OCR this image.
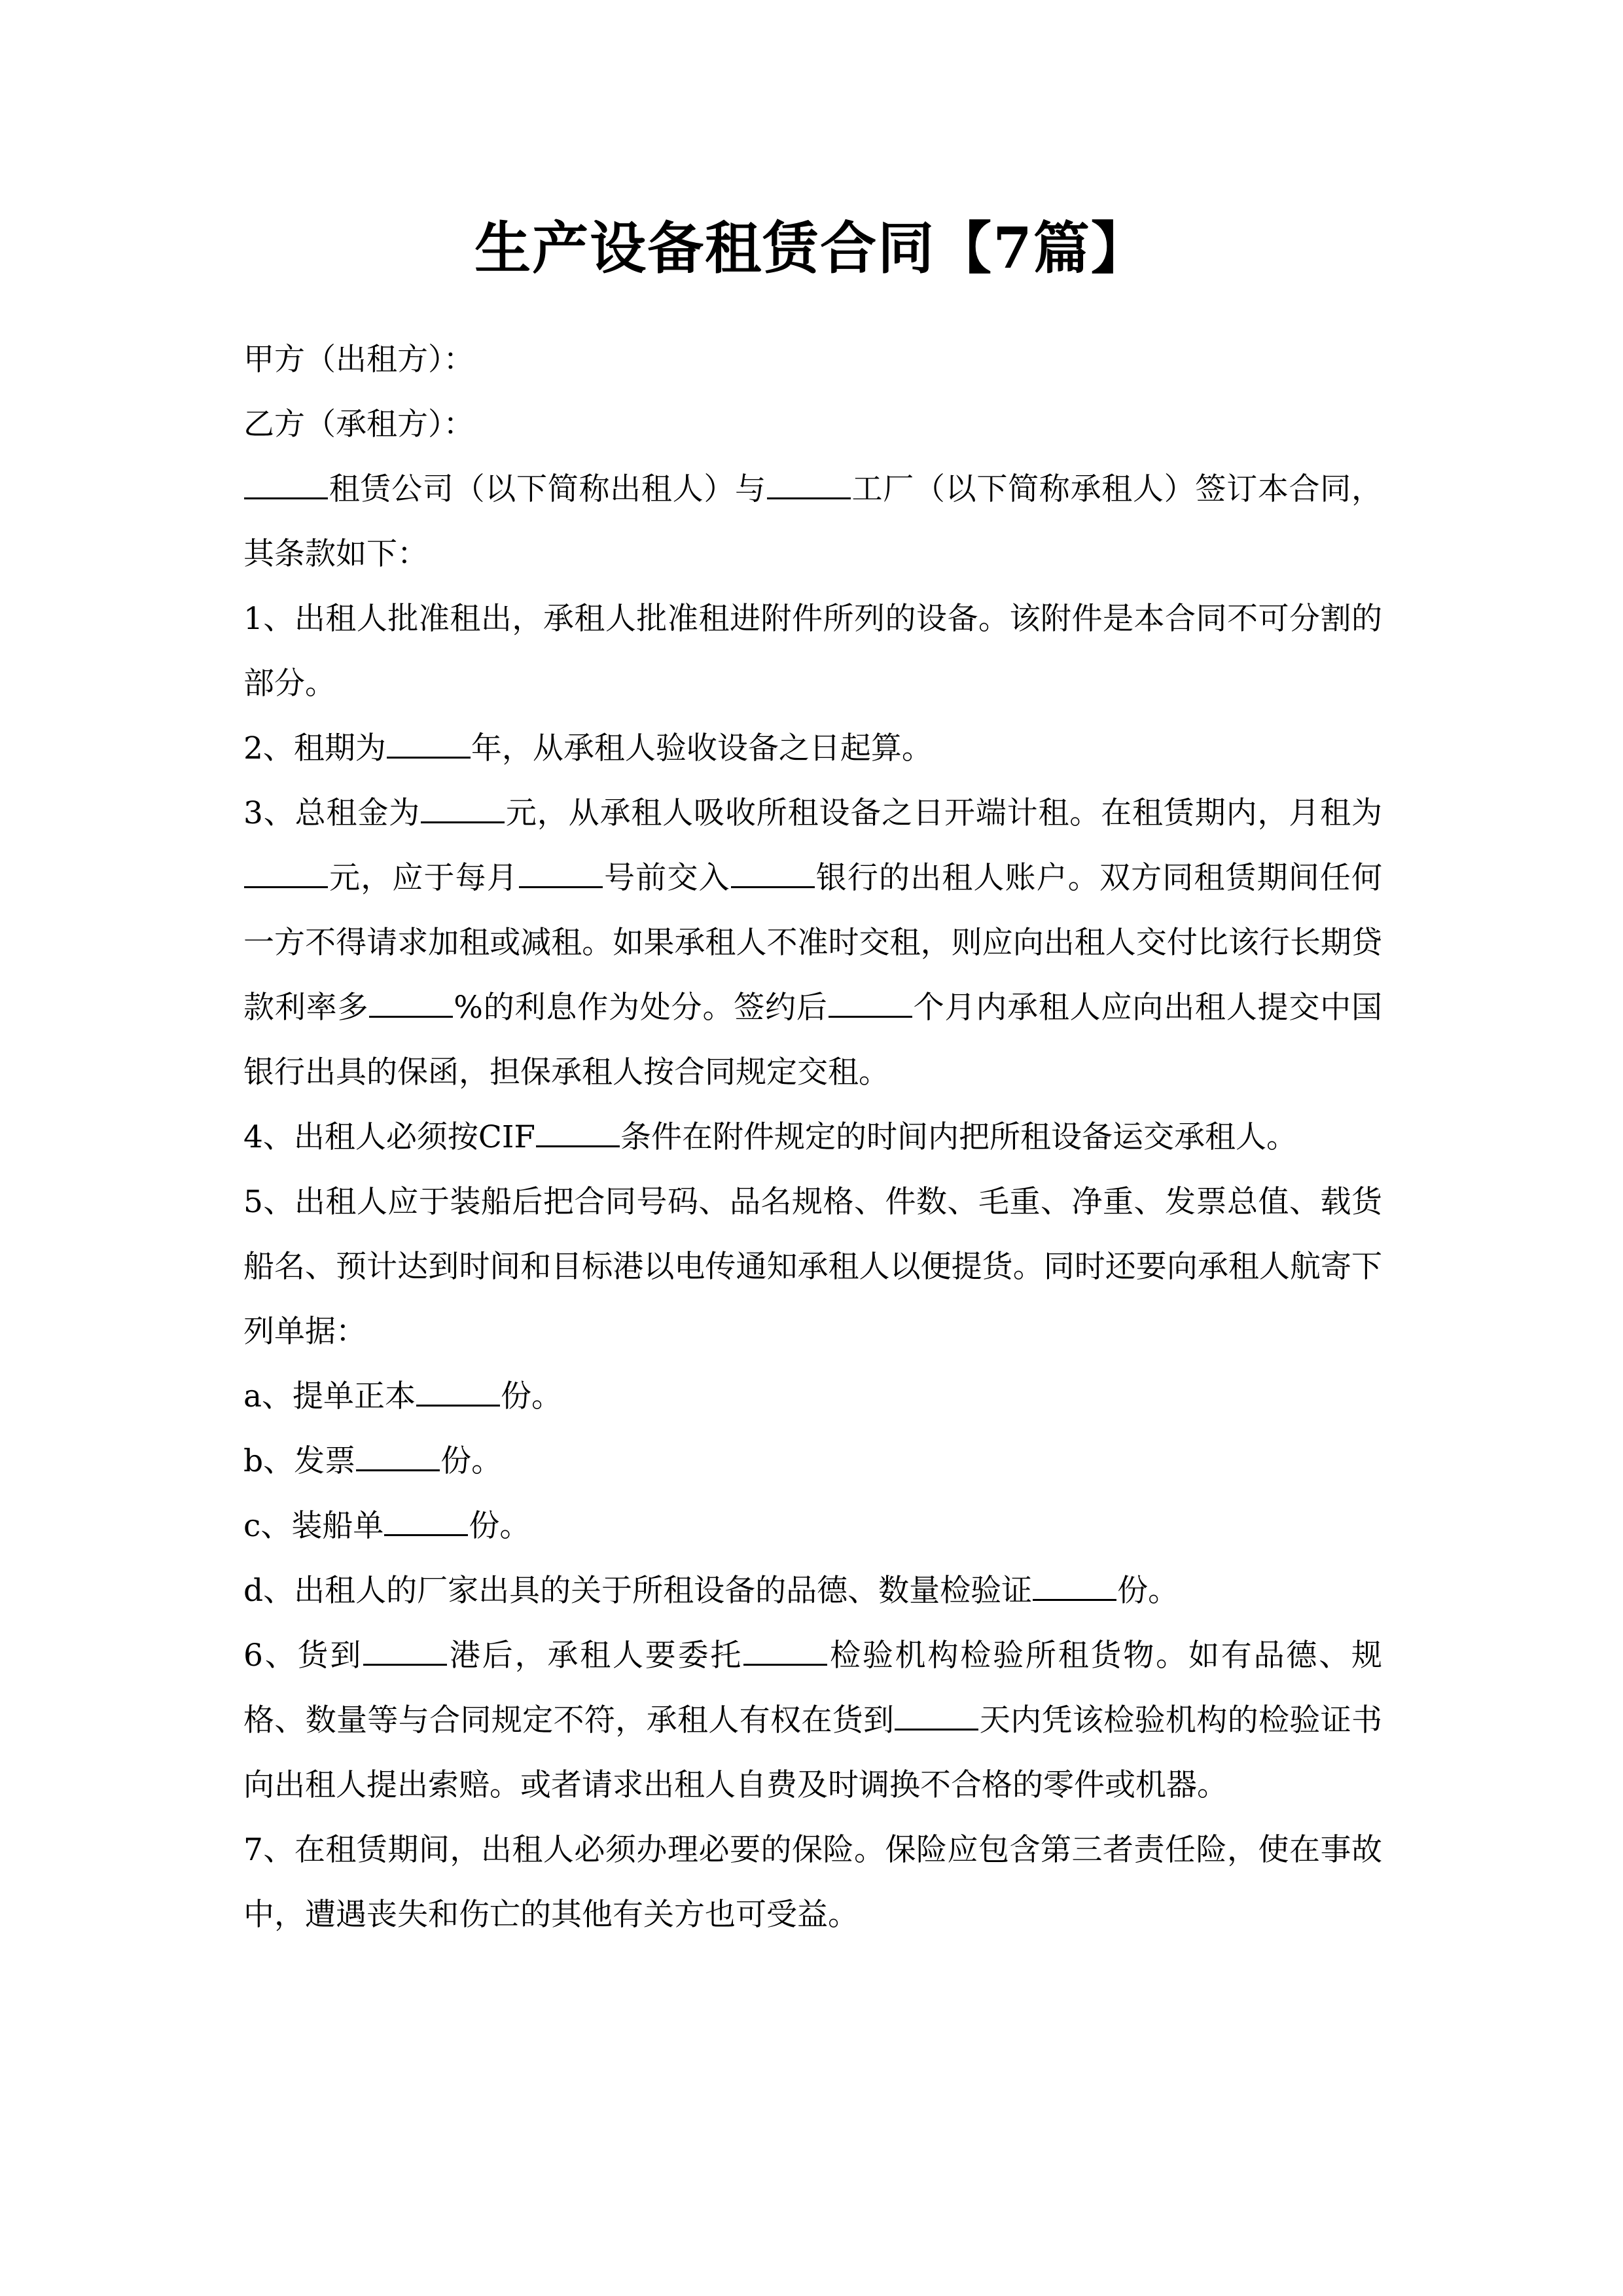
生产设备租赁合同【7篇】

甲方（出租方）：

乙方（承租方）：

租赁公司（以下简称出租人）与	工厂（以下简称承租人）签订本合同，其条款如下：

1、出租人批准租出，承租人批准租进附件所列的设备。该附件是本合同不可分割的部分。

2、租期为	年，从承租人验收设备之日起算。

3、总租金为	元，从承租人吸收所租设备之日开端计租。在租赁期内，月租为元，应于每月	号前交入	银行的出租人账户。双方同租赁期间任何一方不得请求加租或减租。如果承租人不准时交租，则应向出租人交付比该行长期贷款利率多	%的利息作为处分。签约后	个月内承租人应向出租人提交中国银行出具的保函，担保承租人按合同规定交租。

4、出租人必须按CIF	条件在附件规定的时间内把所租设备运交承租人。

5、出租人应于装船后把合同号码、品名规格、件数、毛重、净重、发票总值、载货船名、预计达到时间和目标港以电传通知承租人以便提货。同时还要向承租人航寄下列单据：

a、提单正本	份。

b、发票	份。

c、装船单	份。

d、出租人的厂家出具的关于所租设备的品德、数量检验证	份。

6、货到	港后，承租人要委托	检验机构检验所租货物。如有品德、规格、数量等与合同规定不符，承租人有权在货到	天内凭该检验机构的检验证书向出租人提出索赔。或者请求出租人自费及时调换不合格的零件或机器。

7、在租赁期间，出租人必须办理必要的保险。保险应包含第三者责任险，使在事故中，遭遇丧失和伤亡的其他有关方也可受益。
